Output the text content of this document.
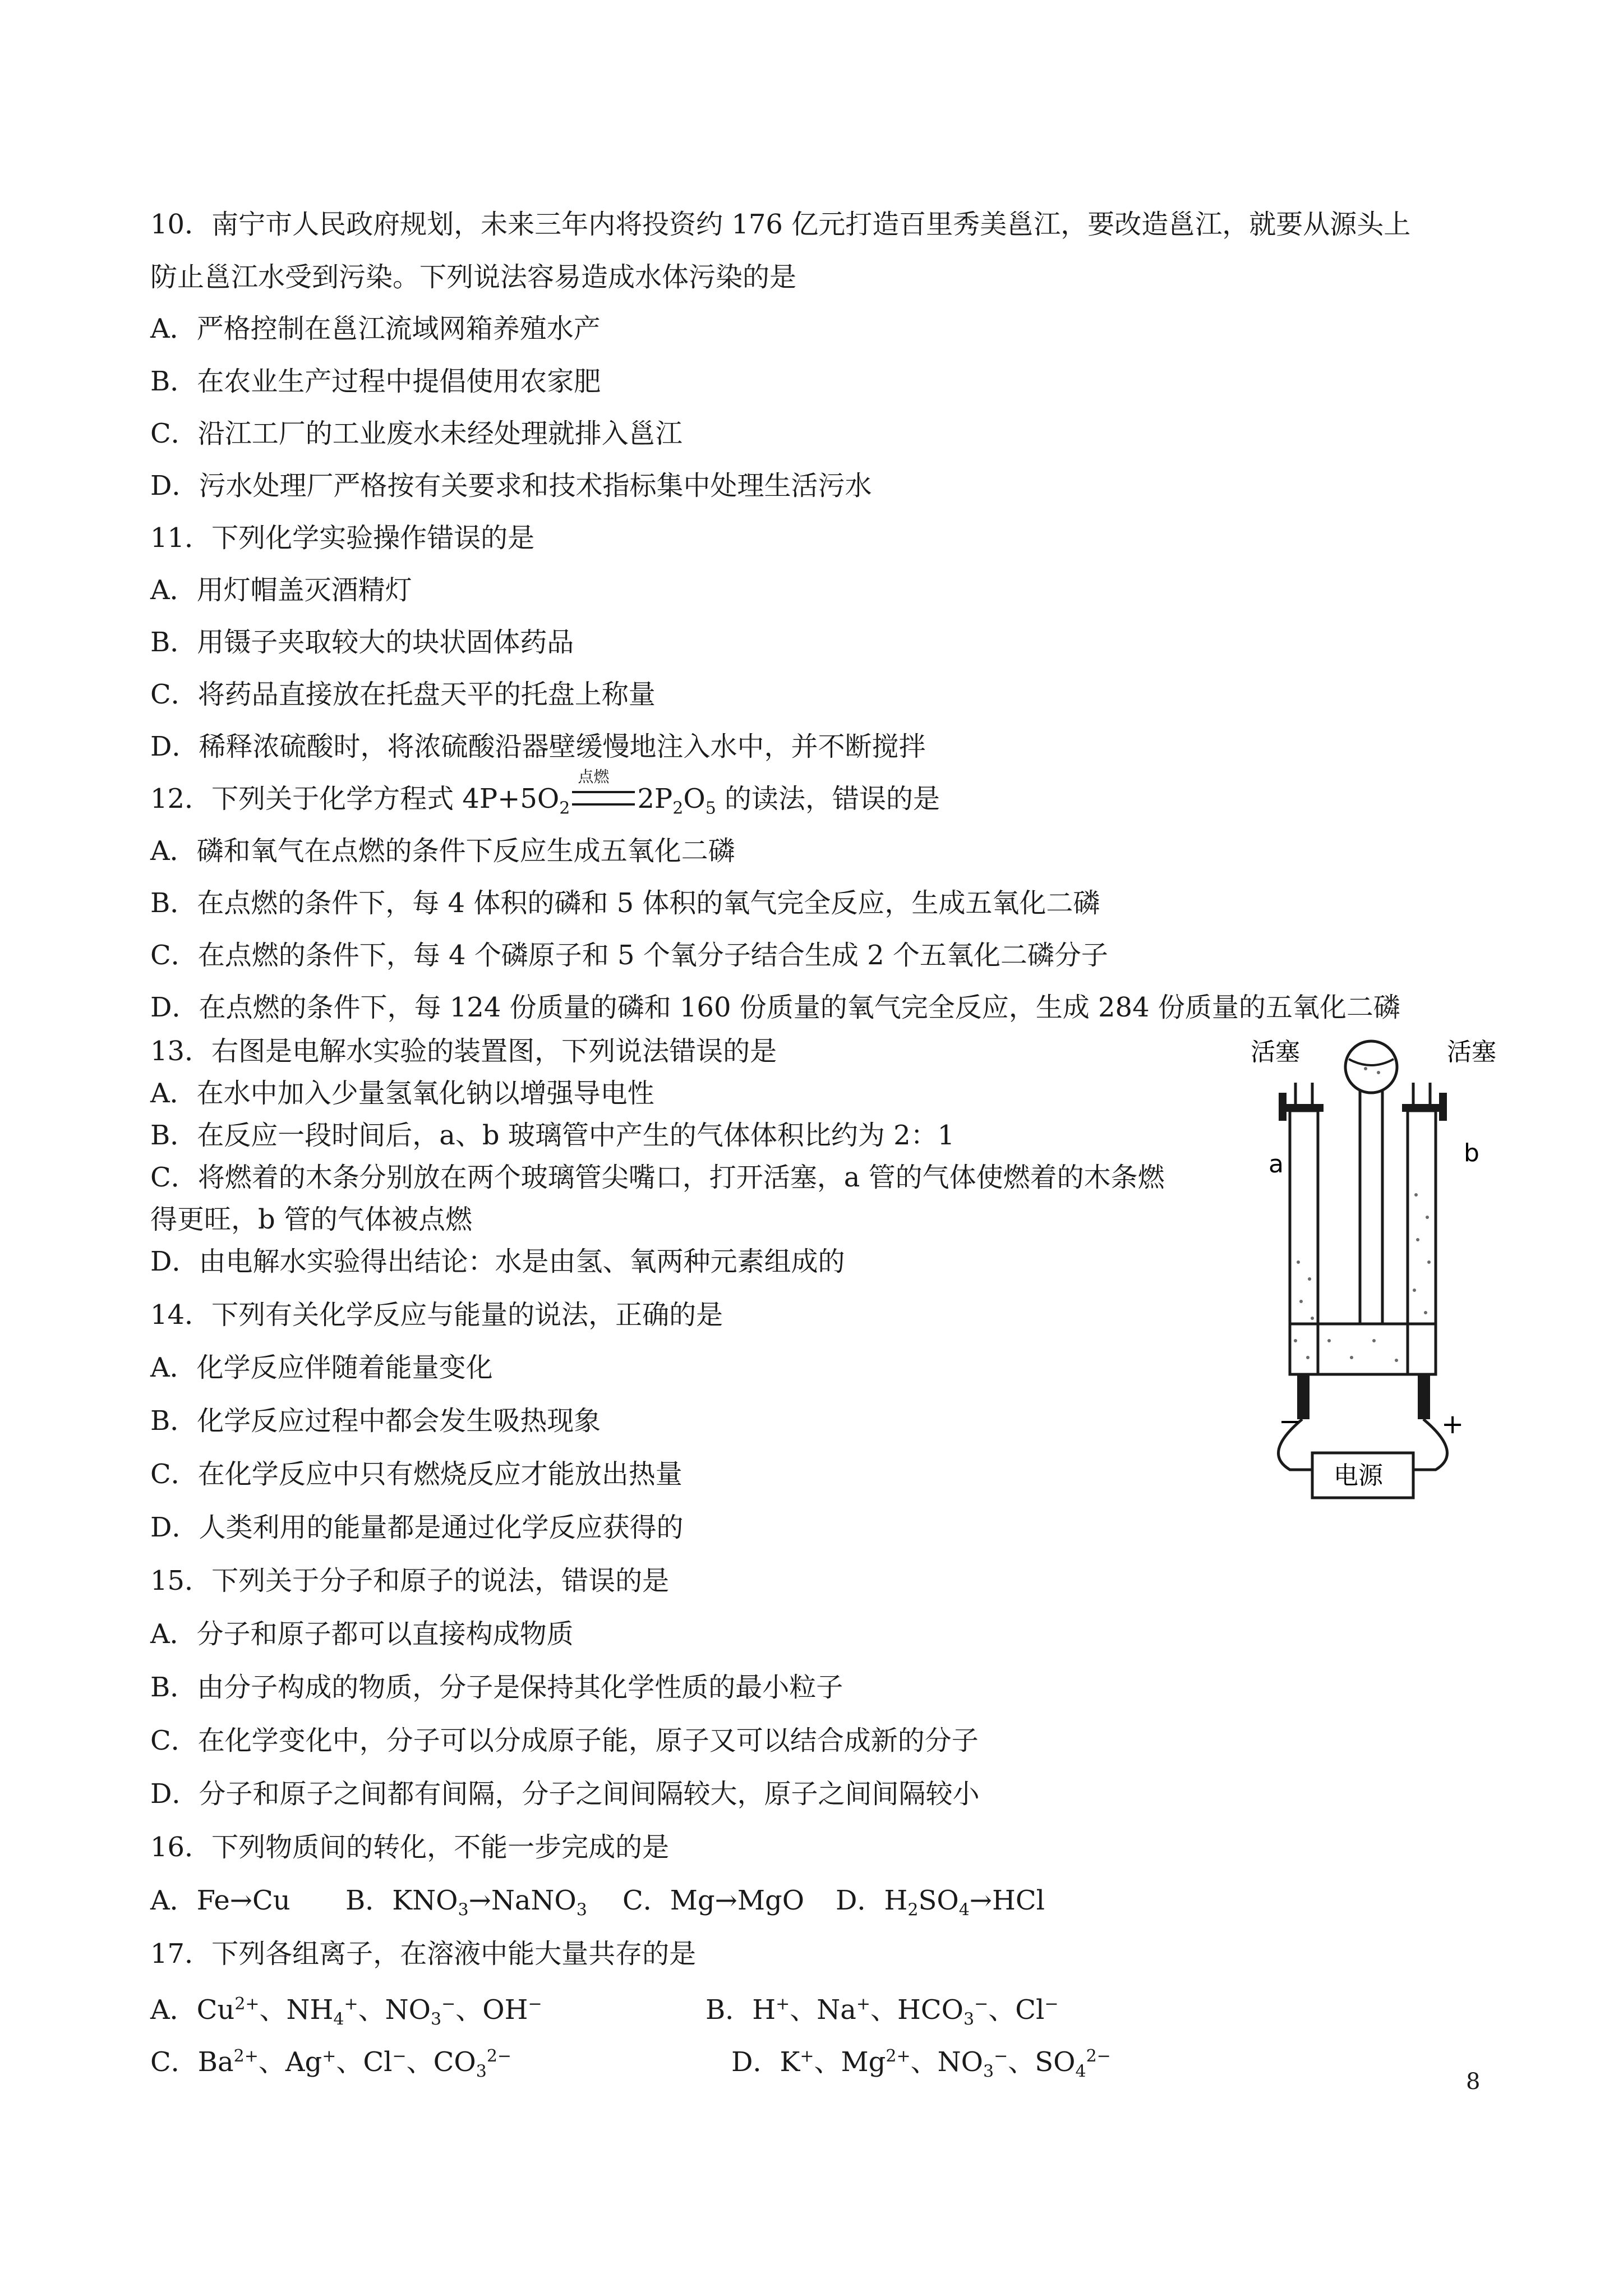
10．南宁市人民政府规划，未来三年内将投资约 176 亿元打造百里秀美邕江，要改造邕江，就要从源头上
防止邕江水受到污染。下列说法容易造成水体污染的是
A．严格控制在邕江流域网箱养殖水产
B．在农业生产过程中提倡使用农家肥
C．沿江工厂的工业废水未经处理就排入邕江
D．污水处理厂严格按有关要求和技术指标集中处理生活污水
11．下列化学实验操作错误的是
A．用灯帽盖灭酒精灯
B．用镊子夹取较大的块状固体药品
C．将药品直接放在托盘天平的托盘上称量
D．稀释浓硫酸时，将浓硫酸沿器壁缓慢地注入水中，并不断搅拌
12．下列关于化学方程式 $4P+5O_2$
点燃
$2P_2O_5$ 的读法，错误的是
A．磷和氧气在点燃的条件下反应生成五氧化二磷
B．在点燃的条件下，每 4 体积的磷和 5 体积的氧气完全反应，生成五氧化二磷
C．在点燃的条件下，每 4 个磷原子和 5 个氧分子结合生成 2 个五氧化二磷分子
D．在点燃的条件下，每 124 份质量的磷和 160 份质量的氧气完全反应，生成 284 份质量的五氧化二磷
13．右图是电解水实验的装置图，下列说法错误的是
A．在水中加入少量氢氧化钠以增强导电性
B．在反应一段时间后，a、b 玻璃管中产生的气体体积比约为 2：1
C．将燃着的木条分别放在两个玻璃管尖嘴口，打开活塞，a 管的气体使燃着的木条燃
得更旺，b 管的气体被点燃
D．由电解水实验得出结论：水是由氢、氧两种元素组成的
活塞	活塞
a	b
−	+
电源
14．下列有关化学反应与能量的说法，正确的是
A．化学反应伴随着能量变化
B．化学反应过程中都会发生吸热现象
C．在化学反应中只有燃烧反应才能放出热量
D．人类利用的能量都是通过化学反应获得的
15．下列关于分子和原子的说法，错误的是
A．分子和原子都可以直接构成物质
B．由分子构成的物质，分子是保持其化学性质的最小粒子
C．在化学变化中，分子可以分成原子能，原子又可以结合成新的分子
D．分子和原子之间都有间隔，分子之间间隔较大，原子之间间隔较小
16．下列物质间的转化，不能一步完成的是
A．Fe→Cu B．$KNO_3\to NaNO_3$ C．Mg→MgO D．$H_2SO_4\to HCl$
17．下列各组离子，在溶液中能大量共存的是
A．$Cu^{2+}$、$NH_4^+$、$NO_3^-$、OH−	B．H+、Na+、$HCO_3^-$、Cl−
C．$Ba^{2+}$、Ag+、Cl−、$CO_3^{2-}$	D．K+、$Mg^{2+}$、$NO_3^-$、$SO_4^{2-}$
8
